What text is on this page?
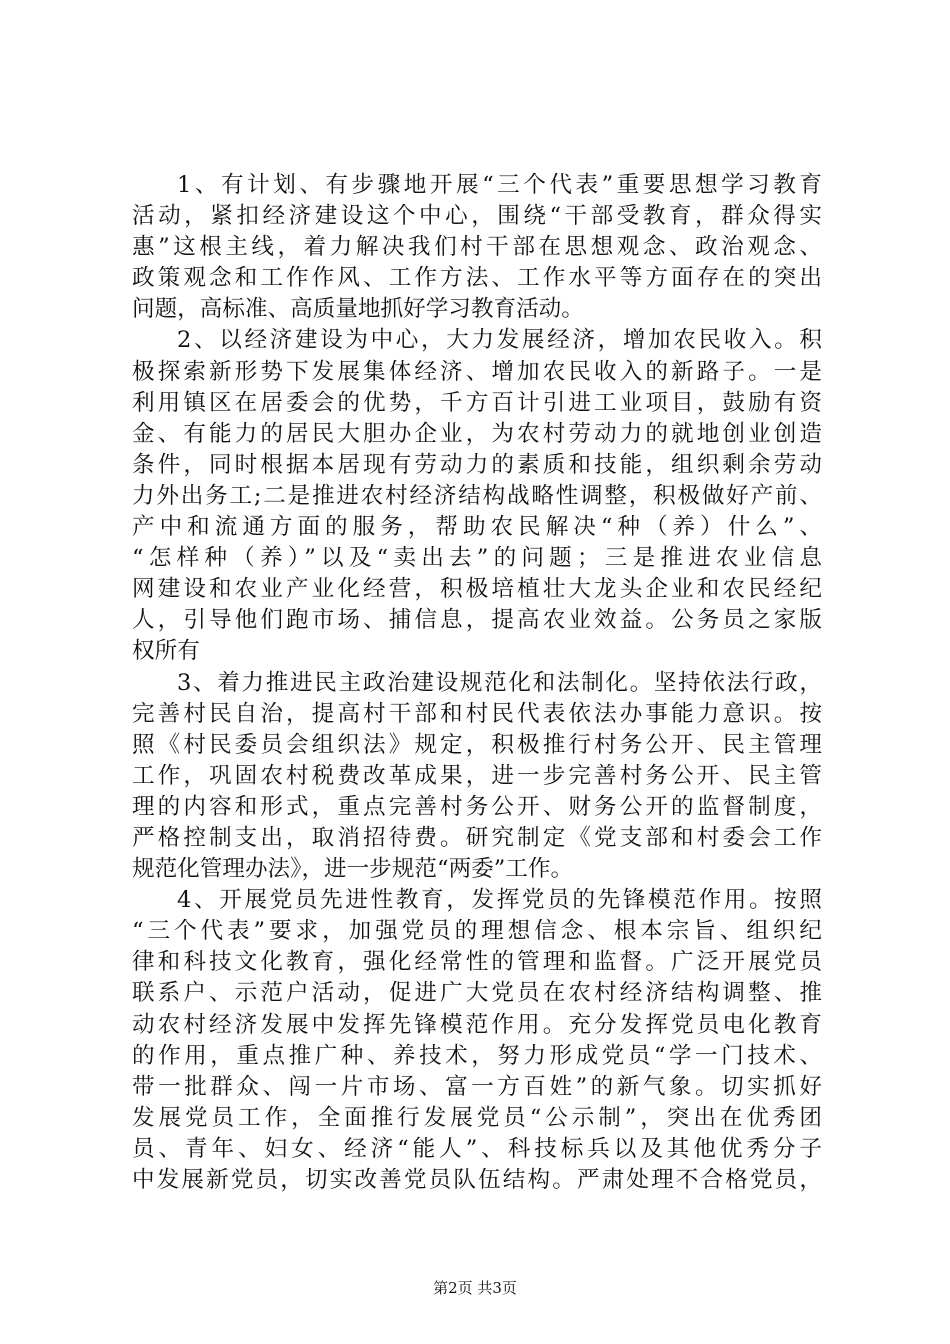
1、有计划、有步骤地开展“三个代表”重要思想学习教育
活动，紧扣经济建设这个中心，围绕“干部受教育，群众得实
惠”这根主线，着力解决我们村干部在思想观念、政治观念、
政策观念和工作作风、工作方法、工作水平等方面存在的突出
问题，高标准、高质量地抓好学习教育活动。
2、以经济建设为中心，大力发展经济，增加农民收入。积
极探索新形势下发展集体经济、增加农民收入的新路子。一是
利用镇区在居委会的优势，千方百计引进工业项目，鼓励有资
金、有能力的居民大胆办企业，为农村劳动力的就地创业创造
条件，同时根据本居现有劳动力的素质和技能，组织剩余劳动
力外出务工;二是推进农村经济结构战略性调整，积极做好产前、
产中和流通方面的服务，帮助农民解决“种（养）什么”、
“怎样种（养）”以及“卖出去”的问题；三是推进农业信息
网建设和农业产业化经营，积极培植壮大龙头企业和农民经纪
人，引导他们跑市场、捕信息，提高农业效益。公务员之家版
权所有
3、着力推进民主政治建设规范化和法制化。坚持依法行政，
完善村民自治，提高村干部和村民代表依法办事能力意识。按
照《村民委员会组织法》规定，积极推行村务公开、民主管理
工作，巩固农村税费改革成果，进一步完善村务公开、民主管
理的内容和形式，重点完善村务公开、财务公开的监督制度，
严格控制支出，取消招待费。研究制定《党支部和村委会工作
规范化管理办法》，进一步规范“两委”工作。
4、开展党员先进性教育，发挥党员的先锋模范作用。按照
“三个代表”要求，加强党员的理想信念、根本宗旨、组织纪
律和科技文化教育，强化经常性的管理和监督。广泛开展党员
联系户、示范户活动，促进广大党员在农村经济结构调整、推
动农村经济发展中发挥先锋模范作用。充分发挥党员电化教育
的作用，重点推广种、养技术，努力形成党员“学一门技术、
带一批群众、闯一片市场、富一方百姓”的新气象。切实抓好
发展党员工作，全面推行发展党员“公示制”，突出在优秀团
员、青年、妇女、经济“能人”、科技标兵以及其他优秀分子
中发展新党员，切实改善党员队伍结构。严肃处理不合格党员，
第2页 共3页
